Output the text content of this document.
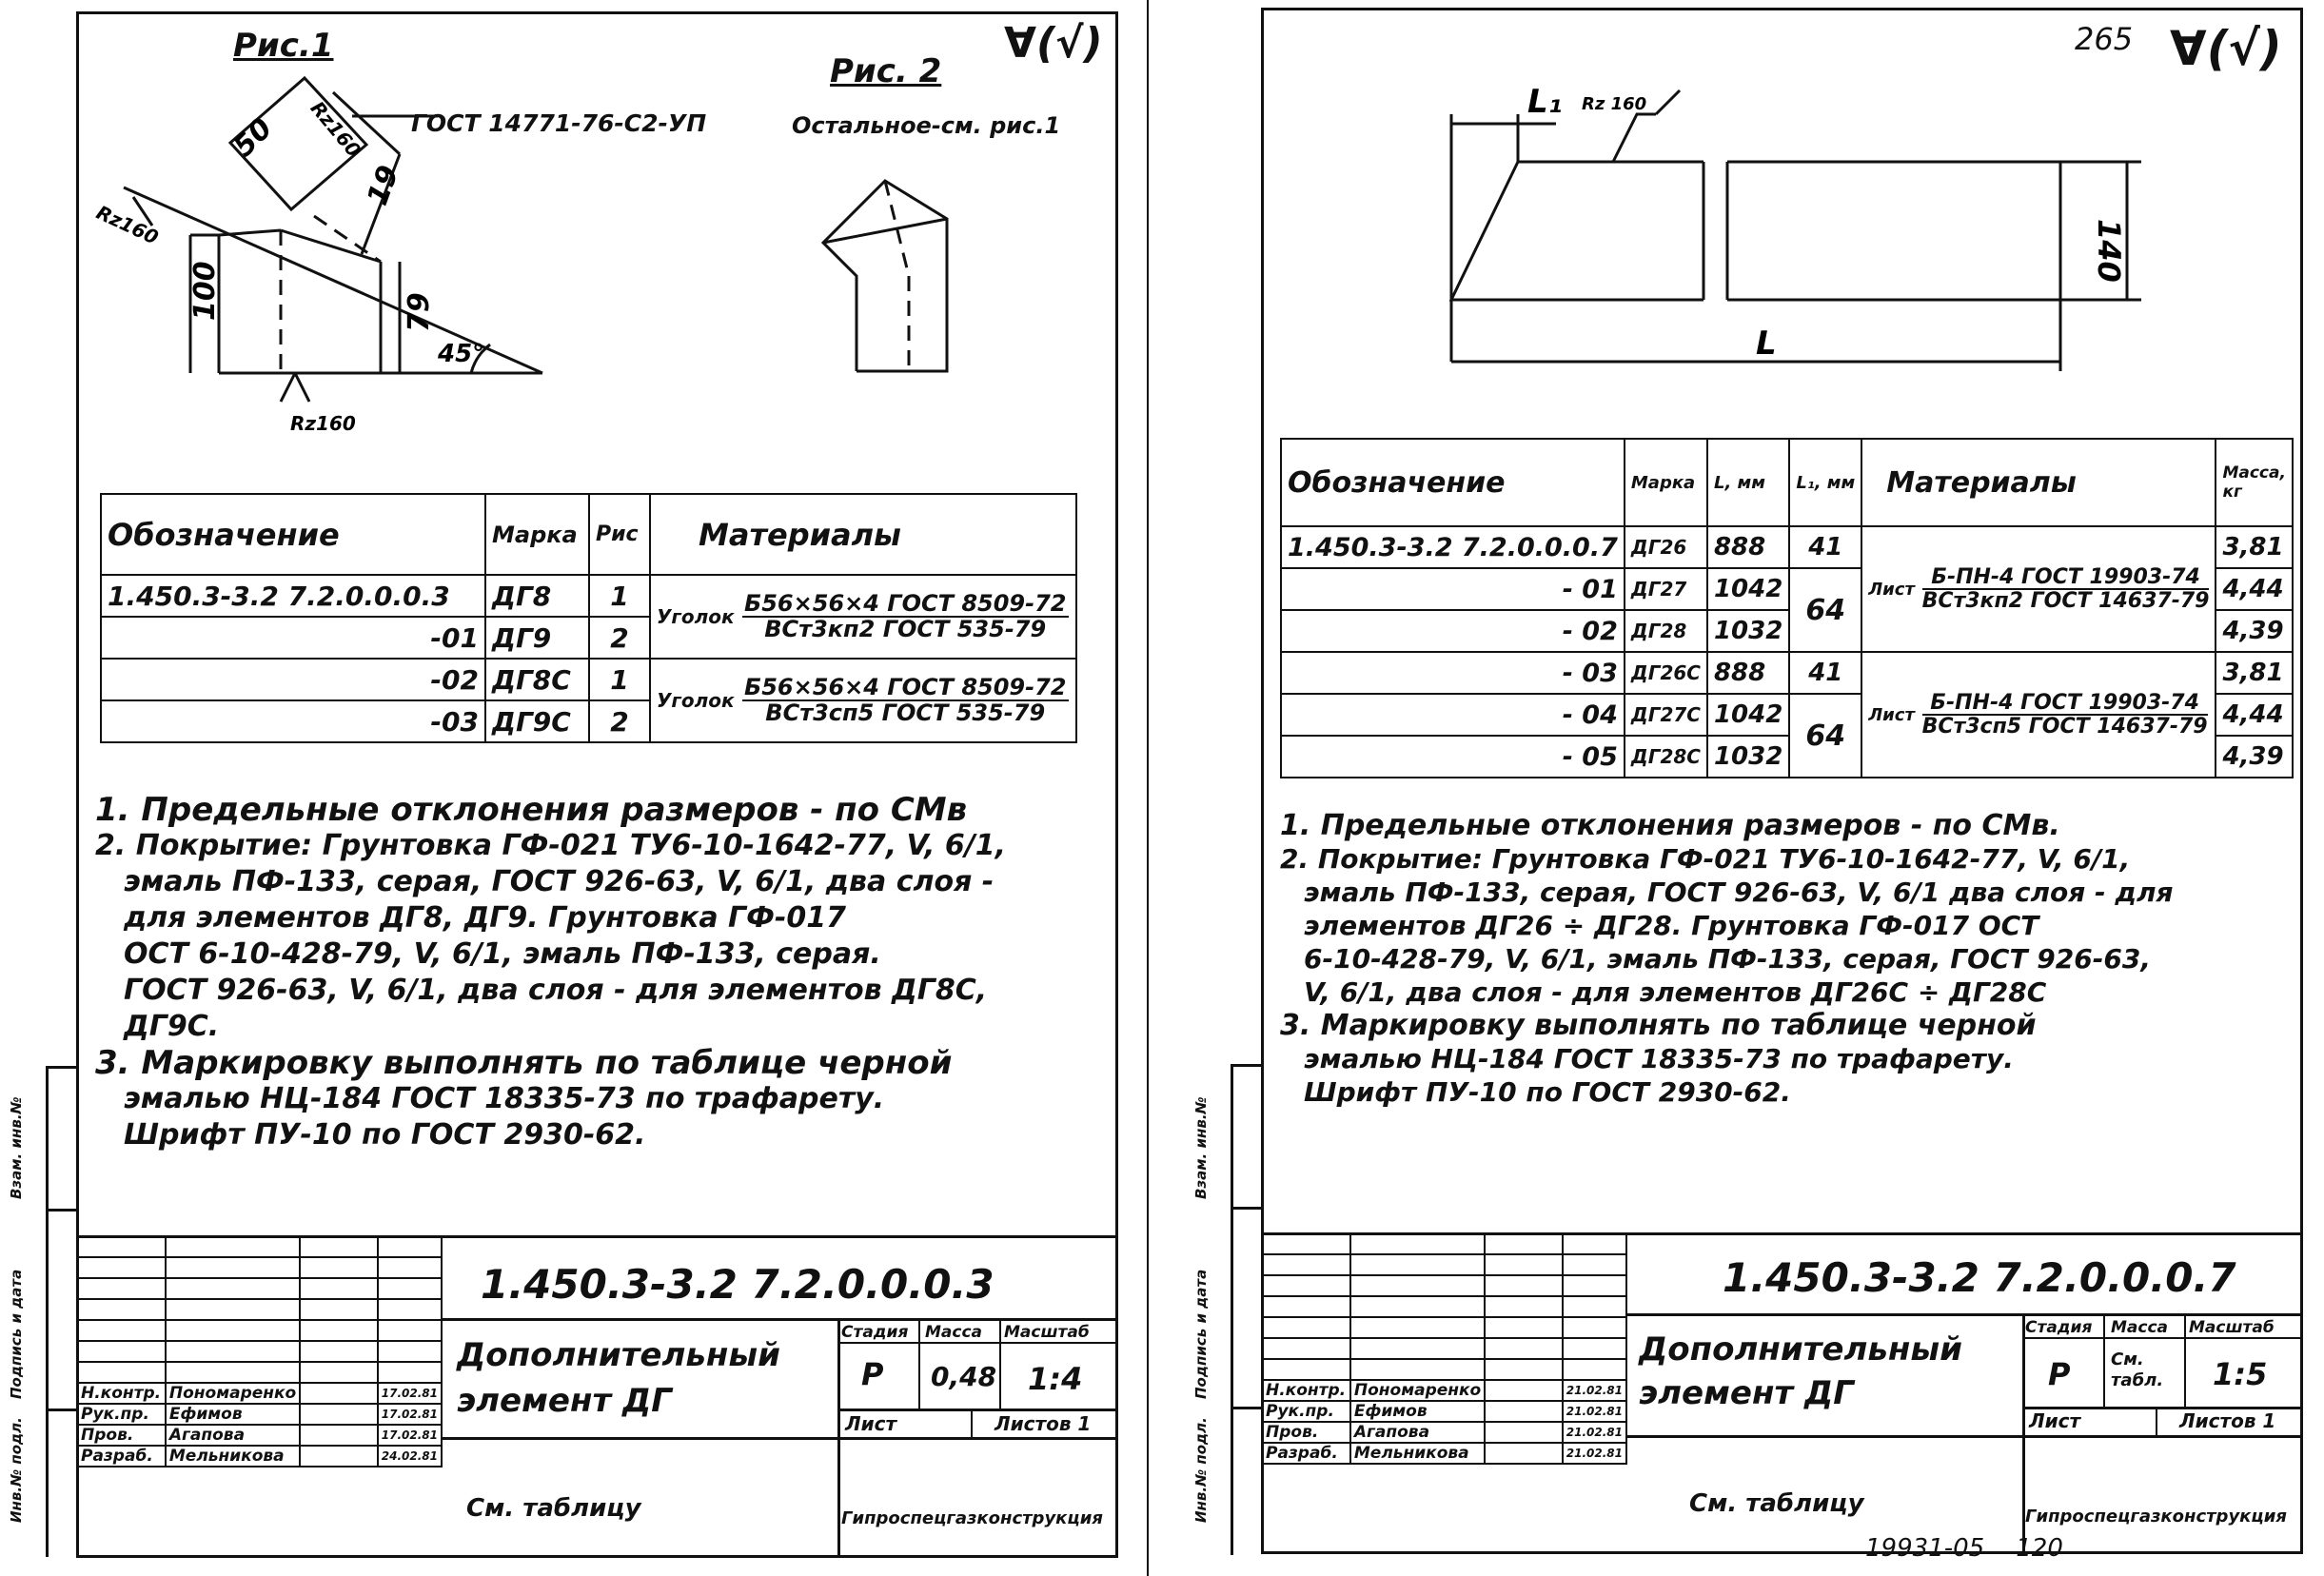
Инв.№ подл.
Подпись и дата
Взам. инв.№
50
19
100	79
45°
Rz160
Rz160
Rz160
Рис.1
ГОСТ 14771-76-С2-УП
Рис. 2
Остальное-см. рис.1
∀(√)
Обозначение	Марка	Рис	Материалы
1.450.3-3.2 7.2.0.0.0.3	ДГ8	1	Уголок $\frac{\text{Б56×56×4 ГОСТ 8509-72}}{\text{ВСт3кп2 ГОСТ 535-79}}$

-01	ДГ9	2	
-02	ДГ8С	1	Уголок $\frac{\text{Б56×56×4 ГОСТ 8509-72}}{\text{ВСт3сп5 ГОСТ 535-79}}$

-03	ДГ9С	2	
1. Предельные отклонения размеров - по СМв
2. Покрытие: Грунтовка ГФ-021 ТУ6-10-1642-77, V, 6/1,
эмаль ПФ-133, серая, ГОСТ 926-63, V, 6/1, два слоя -
для элементов ДГ8, ДГ9. Грунтовка ГФ-017
ОСТ 6-10-428-79, V, 6/1, эмаль ПФ-133, серая.
ГОСТ 926-63, V, 6/1, два слоя - для элементов ДГ8С,
ДГ9С.
3. Маркировку выполнять по таблице черной
эмалью НЦ-184 ГОСТ 18335-73 по трафарету.
Шрифт ПУ-10 по ГОСТ 2930-62.

Н.контр.	Пономаренко		17.02.81
Рук.пр.	Ефимов		17.02.81
Пров.	Агапова		17.02.81
Разраб.	Мельникова		24.02.81
1.450.3-3.2 7.2.0.0.0.3
Дополнительный
элемент ДГ
Стадия Масса Масштаб
Р 0,48 1:4
Лист	Листов 1
См. таблицу	Гипроспецгазконструкция	Инв.№ подл.
Подпись и дата
Взам. инв.№
265 ∀(√)
L₁
L
140
Rz 160
Обозначение	Марка	L, мм	L₁, мм	Материалы	Масса, кг
1.450.3-3.2 7.2.0.0.0.7	ДГ26	888	41	Лист $\frac{\text{Б-ПН-4 ГОСТ 19903-74}}{\text{ВСт3кп2 ГОСТ 14637-79}}$	3,81
- 01	ДГ27	1042	64		4,44
- 02	ДГ28	1032			4,39
- 03	ДГ26С	888	41	Лист $\frac{\text{Б-ПН-4 ГОСТ 19903-74}}{\text{ВСт3сп5 ГОСТ 14637-79}}$	3,81
- 04	ДГ27С	1042	64		4,44
- 05	ДГ28С	1032			4,39
1. Предельные отклонения размеров - по СМв.
2. Покрытие: Грунтовка ГФ-021 ТУ6-10-1642-77, V, 6/1,
эмаль ПФ-133, серая, ГОСТ 926-63, V, 6/1 два слоя - для
элементов ДГ26 ÷ ДГ28. Грунтовка ГФ-017 ОСТ
6-10-428-79, V, 6/1, эмаль ПФ-133, серая, ГОСТ 926-63,
V, 6/1, два слоя - для элементов ДГ26С ÷ ДГ28С
3. Маркировку выполнять по таблице черной
эмалью НЦ-184 ГОСТ 18335-73 по трафарету.
Шрифт ПУ-10 по ГОСТ 2930-62.

Н.контр.	Пономаренко		21.02.81
Рук.пр.	Ефимов		21.02.81
Пров.	Агапова		21.02.81
Разраб.	Мельникова		21.02.81
1.450.3-3.2 7.2.0.0.0.7
Дополнительный
элемент ДГ
Стадия Масса Масштаб
Р См. табл.	1:5
Лист	Листов 1
См. таблицу	Гипроспецгазконструкция
19931-05    120
